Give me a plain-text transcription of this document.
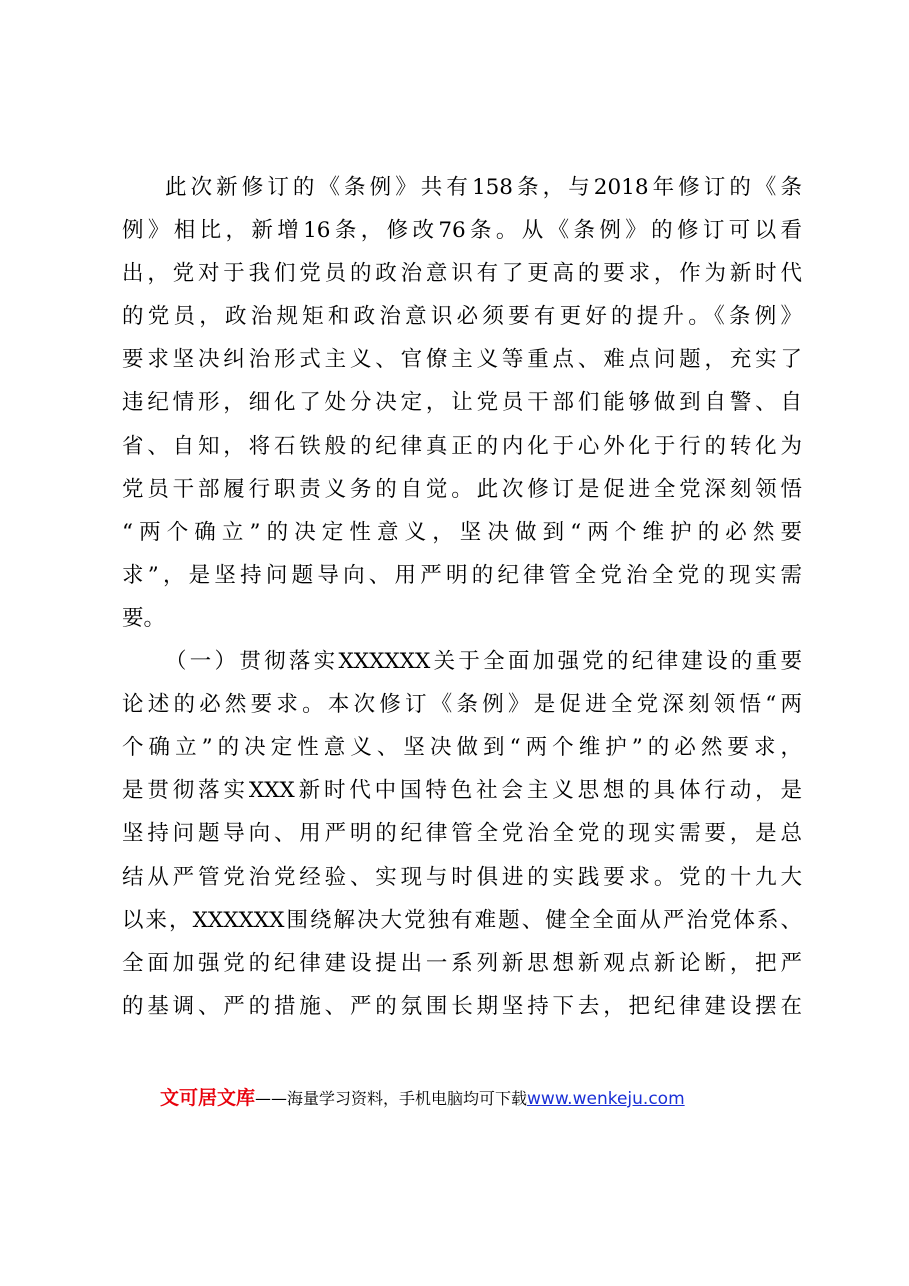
此次新修订的《条例》共有158条，与2018年修订的《条
例》相比，新增16条，修改76条。从《条例》的修订可以看
出，党对于我们党员的政治意识有了更高的要求，作为新时代
的党员，政治规矩和政治意识必须要有更好的提升。《条例》
要求坚决纠治形式主义、官僚主义等重点、难点问题，充实了
违纪情形，细化了处分决定，让党员干部们能够做到自警、自
省、自知，将石铁般的纪律真正的内化于心外化于行的转化为
党员干部履行职责义务的自觉。此次修订是促进全党深刻领悟
“两个确立”的决定性意义，坚决做到“两个维护的必然要
求”，是坚持问题导向、用严明的纪律管全党治全党的现实需
要。
（一）贯彻落实XXXXXX关于全面加强党的纪律建设的重要
论述的必然要求。本次修订《条例》是促进全党深刻领悟“两
个确立”的决定性意义、坚决做到“两个维护”的必然要求，
是贯彻落实XXX新时代中国特色社会主义思想的具体行动，是
坚持问题导向、用严明的纪律管全党治全党的现实需要，是总
结从严管党治党经验、实现与时俱进的实践要求。党的十九大
以来，XXXXXX围绕解决大党独有难题、健全全面从严治党体系、
全面加强党的纪律建设提出一系列新思想新观点新论断，把严
的基调、严的措施、严的氛围长期坚持下去，把纪律建设摆在
文可居文库——海量学习资料，手机电脑均可下载www.wenkeju.com
